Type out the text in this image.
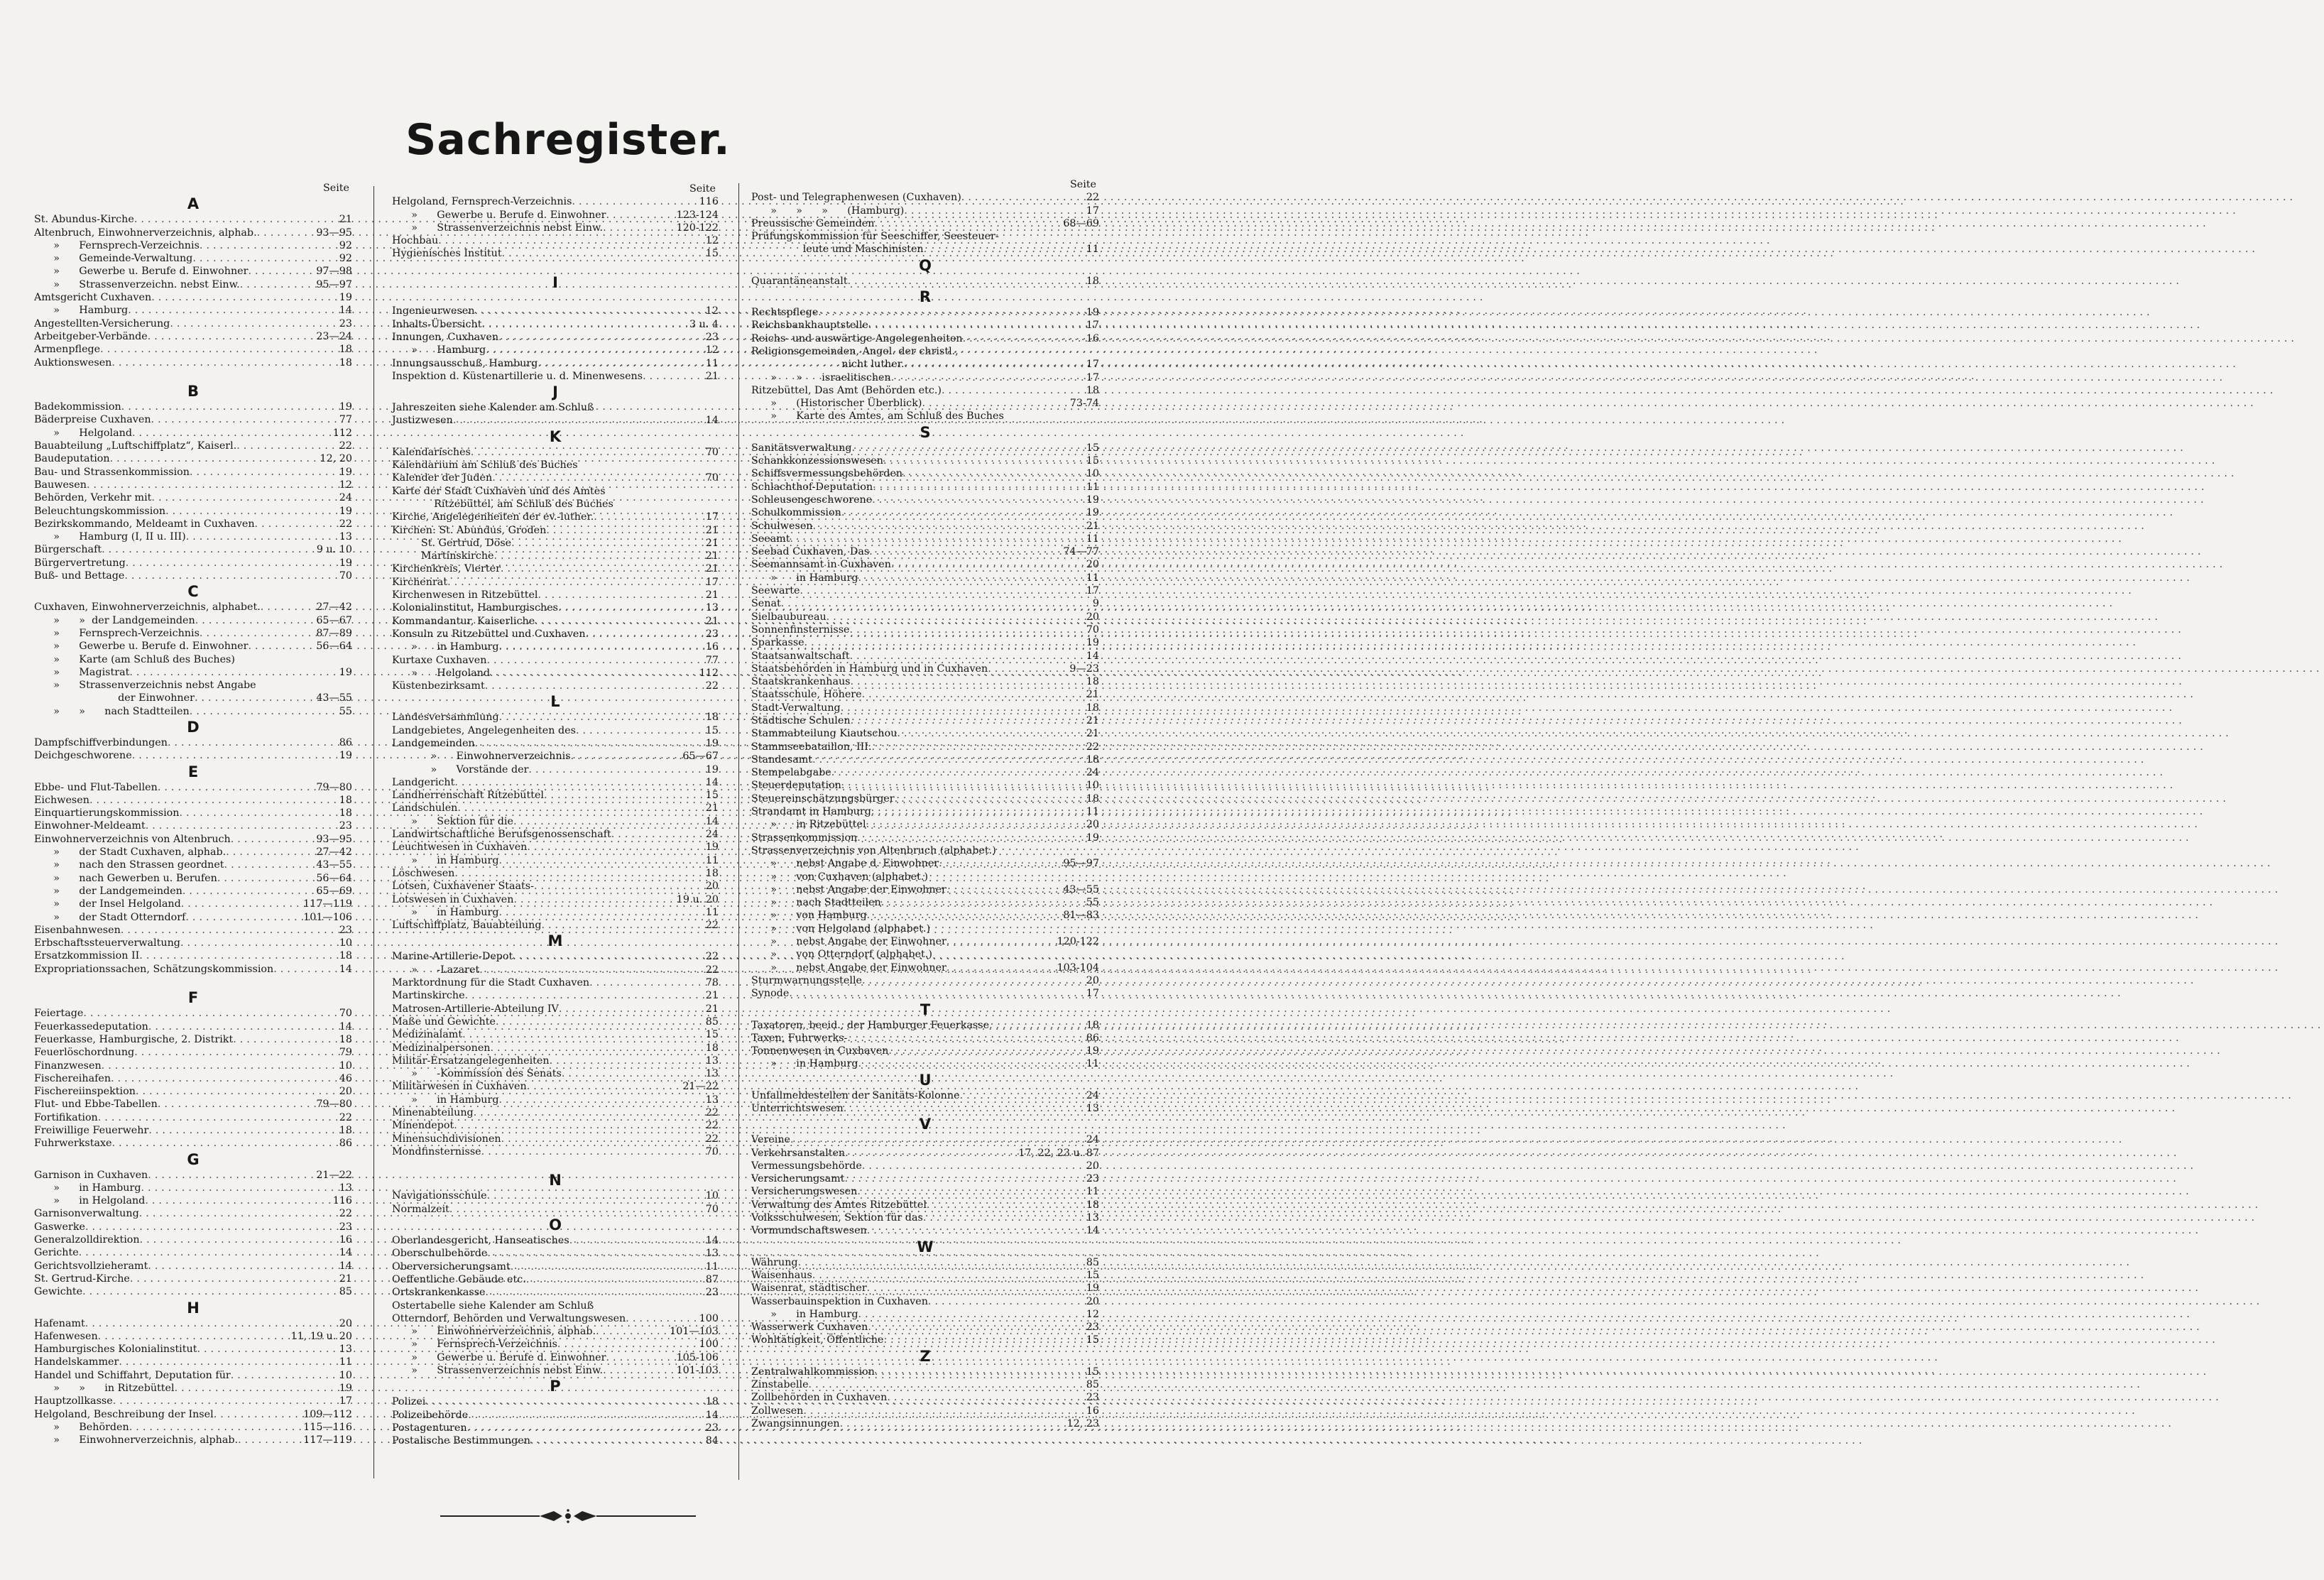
Sachregister.
Seite
A
St. Abundus-Kirche .....	21
Altenbruch, Einwohnerverzeichnis, alphab. .....	93—95
»      Fernsprech-Verzeichnis .....	92
»      Gemeinde-Verwaltung .....	92
»      Gewerbe u. Berufe d. Einwohner .....	97—98
»      Strassenverzeichn. nebst Einw. .....	95—97
Amtsgericht Cuxhaven .....	19
»      Hamburg .....	14
Angestellten-Versicherung .....	23
Arbeitgeber-Verbände .....	23—24
Armenpflege .....	18
Auktionswesen .....	18
B
Badekommission .....	19
Bäderpreise Cuxhaven .....	77
»      Helgoland .....	112
Bauabteilung „Luftschiffplatz“, Kaiserl. .....	22
Baudeputation .....	12, 20
Bau- und Strassenkommission .....	19
Bauwesen .....	12
Behörden, Verkehr mit .....	24
Beleuchtungskommission .....	19
Bezirkskommando, Meldeamt in Cuxhaven .....	22
»      Hamburg (I, II u. III) .....	13
Bürgerschaft .....	9 u. 10
Bürgervertretung .....	19
Buß- und Bettage .....	70
C
Cuxhaven, Einwohnerverzeichnis, alphabet. .....	27—42
»      »  der Landgemeinden .....	65—67
»      Fernsprech-Verzeichnis .....	87—89
»      Gewerbe u. Berufe d. Einwohner .....	56—64
»      Karte (am Schluß des Buches)
»      Magistrat .....	19
»      Strassenverzeichnis nebst Angabe
der Einwohner .....	43—55
»      »      nach Stadtteilen .....	55
D
Dampfschiffverbindungen .....	86
Deichgeschworene .....	19
E
Ebbe- und Flut-Tabellen .....	79—80
Eichwesen .....	18
Einquartierungskommission .....	18
Einwohner-Meldeamt .....	23
Einwohnerverzeichnis von Altenbruch .....	93—95
»      der Stadt Cuxhaven, alphab. .....	27—42
»      nach den Strassen geordnet .....	43—55
»      nach Gewerben u. Berufen .....	56—64
»      der Landgemeinden .....	65—69
»      der Insel Helgoland .....	117—119
»      der Stadt Otterndorf .....	101—106
Eisenbahnwesen .....	23
Erbschaftssteuerverwaltung .....	10
Ersatzkommission II .....	18
Expropriationssachen, Schätzungskommission .....	14
F
Feiertage .....	70
Feuerkassedeputation .....	14
Feuerkasse, Hamburgische, 2. Distrikt .....	18
Feuerlöschordnung .....	79
Finanzwesen .....	10
Fischereihafen .....	46
Fischereiinspektion .....	20
Flut- und Ebbe-Tabellen .....	79—80
Fortifikation .....	22
Freiwillige Feuerwehr .....	18
Fuhrwerkstaxe .....	86
G
Garnison in Cuxhaven .....	21—22
»      in Hamburg .....	13
»      in Helgoland .....	116
Garnisonverwaltung .....	22
Gaswerke .....	23
Generalzolldirektion .....	16
Gerichte .....	14
Gerichtsvollzieheramt .....	14
St. Gertrud-Kirche .....	21
Gewichte .....	85
H
Hafenamt .....	20
Hafenwesen .....	11, 19 u. 20
Hamburgisches Kolonialinstitut .....	13
Handelskammer .....	11
Handel und Schiffahrt, Deputation für .....	10
»      »      in Ritzebüttel .....	19
Hauptzollkasse .....	17
Helgoland, Beschreibung der Insel .....	109—112
»      Behörden .....	115—116
»      Einwohnerverzeichnis, alphab. .....	117—119
Seite
Helgoland, Fernsprech-Verzeichnis .....	116
»      Gewerbe u. Berufe d. Einwohner .....	123-124
»      Strassenverzeichnis nebst Einw. .....	120-122
Hochbau .....	12
Hygienisches Institut .....	15
I
Ingenieurwesen .....	12
Inhalts-Übersicht .....	3 u. 4
Innungen, Cuxhaven .....	23
»      Hamburg .....	12
Innungsausschuß, Hamburg .....	11
Inspektion d. Küstenartillerie u. d. Minenwesens .....	21
J
Jahreszeiten siehe Kalender am Schluß
Justizwesen .....	14
K
Kalendarisches .....	70
Kalendarium am Schluß des Buches
Kalender der Juden .....	70
Karte der Stadt Cuxhaven und des Amtes
Ritzebüttel, am Schluß des Buches
Kirche, Angelegenheiten der ev.-luther. .....	17
Kirchen: St. Abundus, Groden .....	21
St. Gertrud, Döse .....	21
Martinskirche .....	21
Kirchenkreis, Vierter .....	21
Kirchenrat .....	17
Kirchenwesen in Ritzebüttel .....	21
Kolonialinstitut, Hamburgisches .....	13
Kommandantur, Kaiserliche .....	21
Konsuln zu Ritzebüttel und Cuxhaven .....	23
»      in Hamburg .....	16
Kurtaxe Cuxhaven .....	77
»      Helgoland .....	112
Küstenbezirksamt .....	22
L
Landesversammlung .....	18
Landgebietes, Angelegenheiten des .....	15
Landgemeinden .....	19
»      Einwohnerverzeichnis .....	65—67
»      Vorstände der .....	19
Landgericht .....	14
Landherrenschaft Ritzebüttel .....	15
Landschulen .....	21
»      Sektion für die .....	14
Landwirtschaftliche Berufsgenossenschaft .....	24
Leuchtwesen in Cuxhaven .....	19
»      in Hamburg .....	11
Löschwesen .....	18
Lotsen, Cuxhavener Staats- .....	20
Lotswesen in Cuxhaven .....	19 u. 20
»      in Hamburg .....	11
Luftschiffplatz, Bauabteilung .....	22
M
Marine-Artillerie-Depot .....	22
»      -Lazaret .....	22
Marktordnung für die Stadt Cuxhaven .....	78
Martinskirche .....	21
Matrosen-Artillerie-Abteilung IV .....	21
Maße und Gewichte .....	85
Medizinalamt .....	15
Medizinalpersonen .....	18
Militär-Ersatzangelegenheiten .....	13
»      -Kommission des Senats .....	13
Militärwesen in Cuxhaven .....	21—22
»      in Hamburg .....	13
Minenabteilung .....	22
Minendepot .....	22
Minensuchdivisionen .....	22
Mondfinsternisse .....	70
N
Navigationsschule .....	10
Normalzeit .....	70
O
Oberlandesgericht, Hanseatisches .....	14
Oberschulbehörde .....	13
Oberversicherungsamt .....	11
Oeffentliche Gebäude etc. .....	87
Ortskrankenkasse .....	23
Ostertabelle siehe Kalender am Schluß
Otterndorf, Behörden und Verwaltungswesen .....	100
»      Einwohnerverzeichnis, alphab. .....	101—103
»      Fernsprech-Verzeichnis .....	100
»      Gewerbe u. Berufe d. Einwohner .....	105-106
»      Strassenverzeichnis nebst Einw. .....	101-103
P
Polizei .....	18
Polizeibehörde .....	14
Postagenturen .....	23
Postalische Bestimmungen .....	84
Seite
Post- und Telegraphenwesen (Cuxhaven) .....	22
»      »      »      (Hamburg) .....	17
Preussische Gemeinden .....	68—69
Prüfungskommission für Seeschiffer, Seesteuer-
leute und Maschinisten .....	11
Q
Quarantäneanstalt .....	18
R
Rechtspflege .....	19
Reichsbankhauptstelle .....	17
Reichs- und auswärtige Angelegenheiten .....	16
Religionsgemeinden, Angel. der christl.,
nicht luther. .....	17
»      »      israelitischen .....	17
Ritzebüttel, Das Amt (Behörden etc.) .....	18
»      (Historischer Überblick) .....	73-74
»      Karte des Amtes, am Schluß des Buches
S
Sanitätsverwaltung .....	15
Schankkonzessionswesen .....	15
Schiffsvermessungsbehörden .....	10
Schlachthof-Deputation .....	11
Schleusengeschworene .....	19
Schulkommission .....	19
Schulwesen .....	21
Seeamt .....	11
Seebad Cuxhaven, Das .....	74—77
Seemannsamt in Cuxhaven .....	20
»      in Hamburg .....	11
Seewarte .....	17
Senat .....	9
Sielbaubureau .....	20
Sonnenfinsternisse .....	70
Sparkasse .....	19
Staatsanwaltschaft .....	14
Staatsbehörden in Hamburg und in Cuxhaven .....	9—23
Staatskrankenhaus .....	18
Staatsschule, Höhere .....	21
Stadt-Verwaltung .....	18
Städtische Schulen .....	21
Stammabteilung Kiautschou .....	21
Stammseebataillon, III. .....	22
Standesamt .....	18
Stempelabgabe .....	24
Steuerdeputation .....	10
Steuereinschätzungsbürger .....	18
Strandamt in Hamburg .....	11
»      in Ritzebüttel .....	20
Strassenkommission .....	19
Strassenverzeichnis von Altenbruch (alphabet.)
»      nebst Angabe d. Einwohner .....	95—97
»      von Cuxhaven (alphabet.)
»      nebst Angabe der Einwohner .....	43—55
»      nach Stadtteilen .....	55
»      von Hamburg .....	81—83
»      von Helgoland (alphabet.)
»      nebst Angabe der Einwohner .....	120-122
»      von Otterndorf (alphabet.)
»      nebst Angabe der Einwohner .....	103-104
Sturmwarnungsstelle .....	20
Synode .....	17
T
Taxatoren, beeid., der Hamburger Feuerkasse .....	18
Taxen, Fuhrwerks- .....	86
Tonnenwesen in Cuxhaven .....	19
»      in Hamburg .....	11
U
Unfallmeldestellen der Sanitäts-Kolonne .....	24
Unterrichtswesen .....	13
V
Vereine .....	24
Verkehrsanstalten .....	17, 22, 23 u. 87
Vermessungsbehörde .....	20
Versicherungsamt .....	23
Versicherungswesen .....	11
Verwaltung des Amtes Ritzebüttel .....	18
Volksschulwesen, Sektion für das .....	13
Vormundschaftswesen .....	14
W
Währung .....	85
Waisenhaus .....	15
Waisenrat, städtischer .....	19
Wasserbauinspektion in Cuxhaven .....	20
»      in Hamburg .....	12
Wasserwerk Cuxhaven .....	23
Wohltätigkeit, Öffentliche .....	15
Z
Zentralwahlkommission .....	15
Zinstabelle .....	85
Zollbehörden in Cuxhaven .....	23
Zollwesen .....	16
Zwangsinnungen .....	12, 23
